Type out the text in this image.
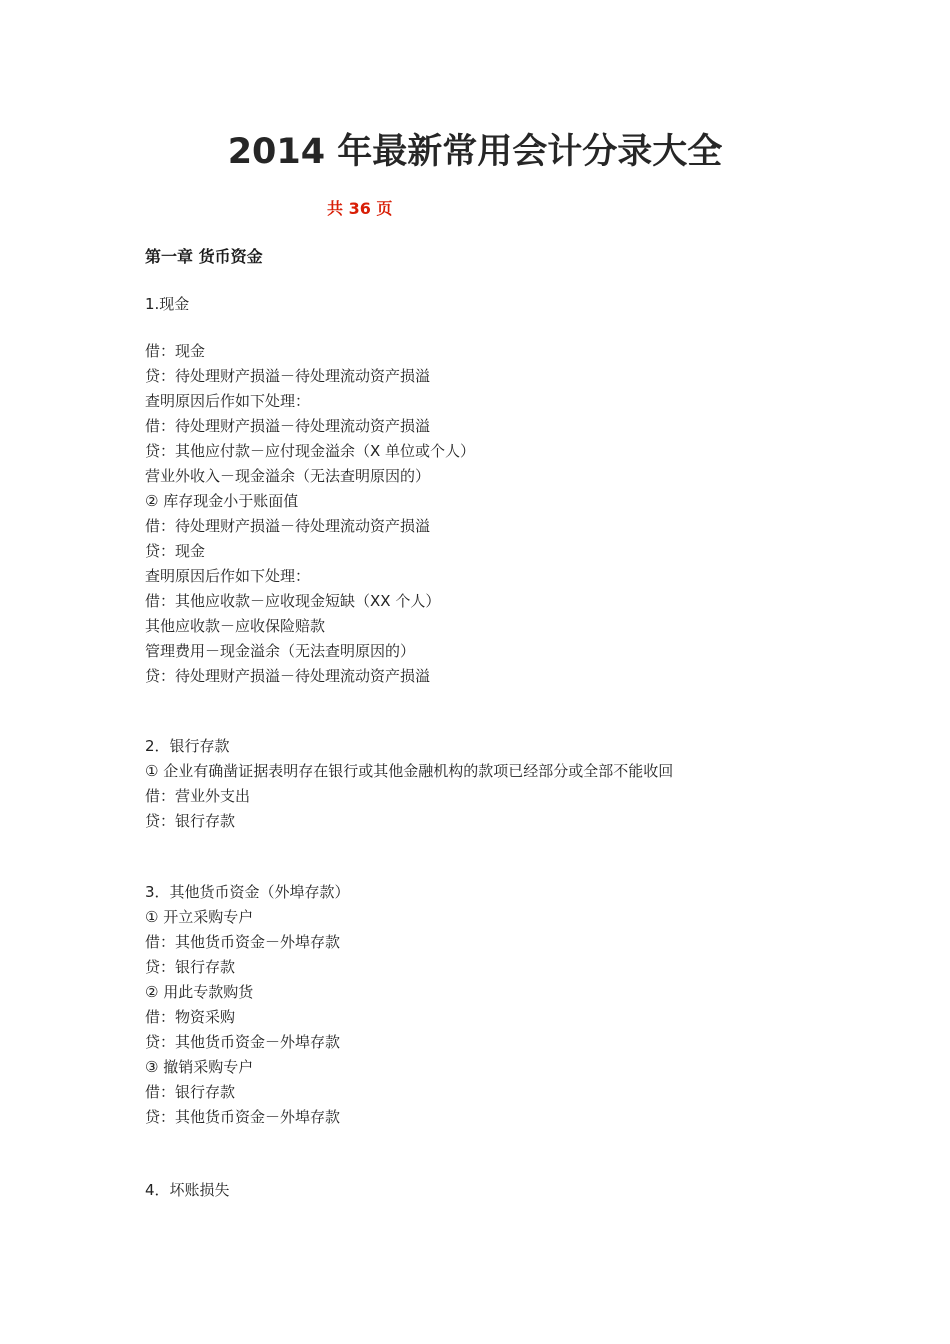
2014 年最新常用会计分录大全
共 36 页
第一章 货币资金
1.现金
借：现金
贷：待处理财产损溢－待处理流动资产损溢
查明原因后作如下处理：
借：待处理财产损溢－待处理流动资产损溢
贷：其他应付款－应付现金溢余（X 单位或个人）
营业外收入－现金溢余（无法查明原因的）
② 库存现金小于账面值
借：待处理财产损溢－待处理流动资产损溢
贷：现金
查明原因后作如下处理：
借：其他应收款－应收现金短缺（XX 个人）
其他应收款－应收保险赔款
管理费用－现金溢余（无法查明原因的）
贷：待处理财产损溢－待处理流动资产损溢
2．银行存款
① 企业有确凿证据表明存在银行或其他金融机构的款项已经部分或全部不能收回
借：营业外支出
贷：银行存款
3．其他货币资金（外埠存款）
① 开立采购专户
借：其他货币资金－外埠存款
贷：银行存款
② 用此专款购货
借：物资采购
贷：其他货币资金－外埠存款
③ 撤销采购专户
借：银行存款
贷：其他货币资金－外埠存款
4．坏账损失
